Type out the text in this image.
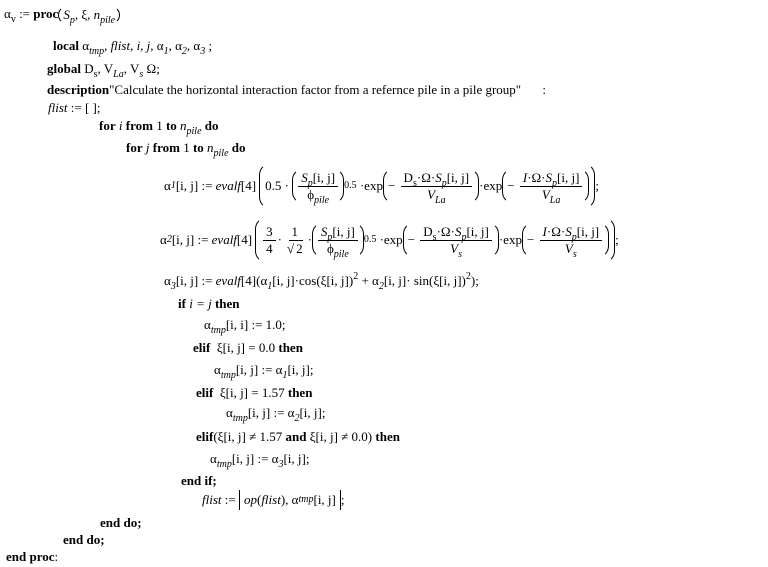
$\alpha_v$ := proc $S_p$, ξ, $n_{pile}$
local $\alpha_{tmp}$, flist, i, j, $\alpha_1$, $\alpha_2$, $\alpha_3$ ;
global $D_s$, $V_{La}$, $V_s$ Ω;
description"Calculate the horizontal interaction factor from a refernce pile in a pile group" :
flist := [ ];
for i from 1 to $n_{pile}$ do
for j from 1 to $n_{pile}$ do
α 1 [i, j]
:=
evalf [4] $0.5 \cdot \frac{S_p[i, j]}{\phi_{pile}} 0.5 \cdot \exp - \frac{D_s\cdot\Omega\cdot S_p[i, j]}{V_{La}} \cdot \exp - \frac{I\cdot\Omega\cdot S_p[i, j]}{V_{La}}$ ;
α 2 [i, j]
:=
evalf $[4] \frac{3}{4} \cdot \frac{1}{√ 2} \cdot \frac{S_p[i, j]}{\phi_{pile}} 0.5 \cdot \exp - \frac{D_s\cdot\Omega\cdot S_p[i, j]}{V_s} \cdot \exp - \frac{I\cdot\Omega\cdot S_p[i, j]}{V_s}$ ;
$\alpha_3[i$, j] := $evalf[4](\alpha_1[i$, j]·cos(ξ[i, $j])^2 + \alpha_2[i$, j]· sin(ξ[i, j])$^2$);
if i = j then
$\alpha_{tmp}[i$, i] := 1.0;
elif ξ[i, j] = 0.0 then
$\alpha_{tmp}[i$, j] := $\alpha_1[i$, j];
elif ξ[i, j] = 1.57 then
$\alpha_{tmp}[i$, j] := $\alpha_2[i$, j];
elif(ξ[i, j] ≠ 1.57 and ξ[i, j] ≠ 0.0) then
$\alpha_{tmp}[i$, j] := $\alpha_3[i$, j];
end if;
flist
:=
op ( flist ), α tmp [i, j] ;
end do;
end do;
end proc:
